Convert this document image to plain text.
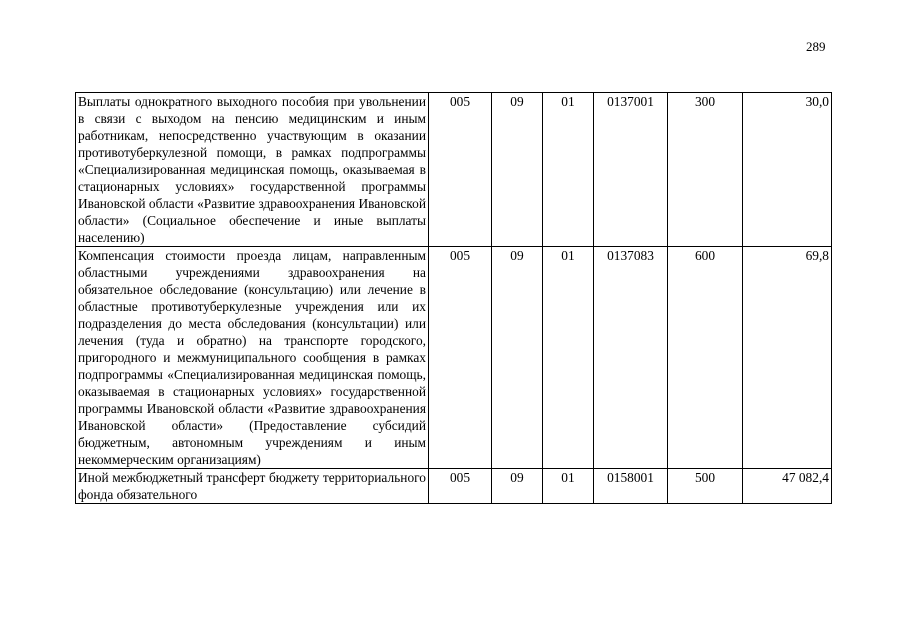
289
Выплаты однократного выходного пособия при увольнении в связи с выходом на пенсию медицинским и иным работникам, непосредственно участвующим в оказании противотуберкулезной помощи, в рамках подпрограммы «Специализированная медицинская помощь, оказываемая в стационарных условиях» государственной программы Ивановской области «Развитие здравоохранения Ивановской области» (Социальное обеспечение и иные выплаты населению)	005	09	01	0137001	300	30,0
Компенсация стоимости проезда лицам, направленным областными учреждениями здравоохранения на обязательное обследование (консультацию) или лечение в областные противотуберкулезные учреждения или их подразделения до места обследования (консультации) или лечения (туда и обратно) на транспорте городского, пригородного и межмуниципального сообщения в рамках подпрограммы «Специализированная медицинская помощь, оказываемая в стационарных условиях» государственной программы Ивановской области «Развитие здравоохранения Ивановской области» (Предоставление субсидий бюджетным, автономным учреждениям и иным некоммерческим организациям)	005	09	01	0137083	600	69,8
Иной межбюджетный трансферт бюджету территориального фонда обязательного	005	09	01	0158001	500	47 082,4
